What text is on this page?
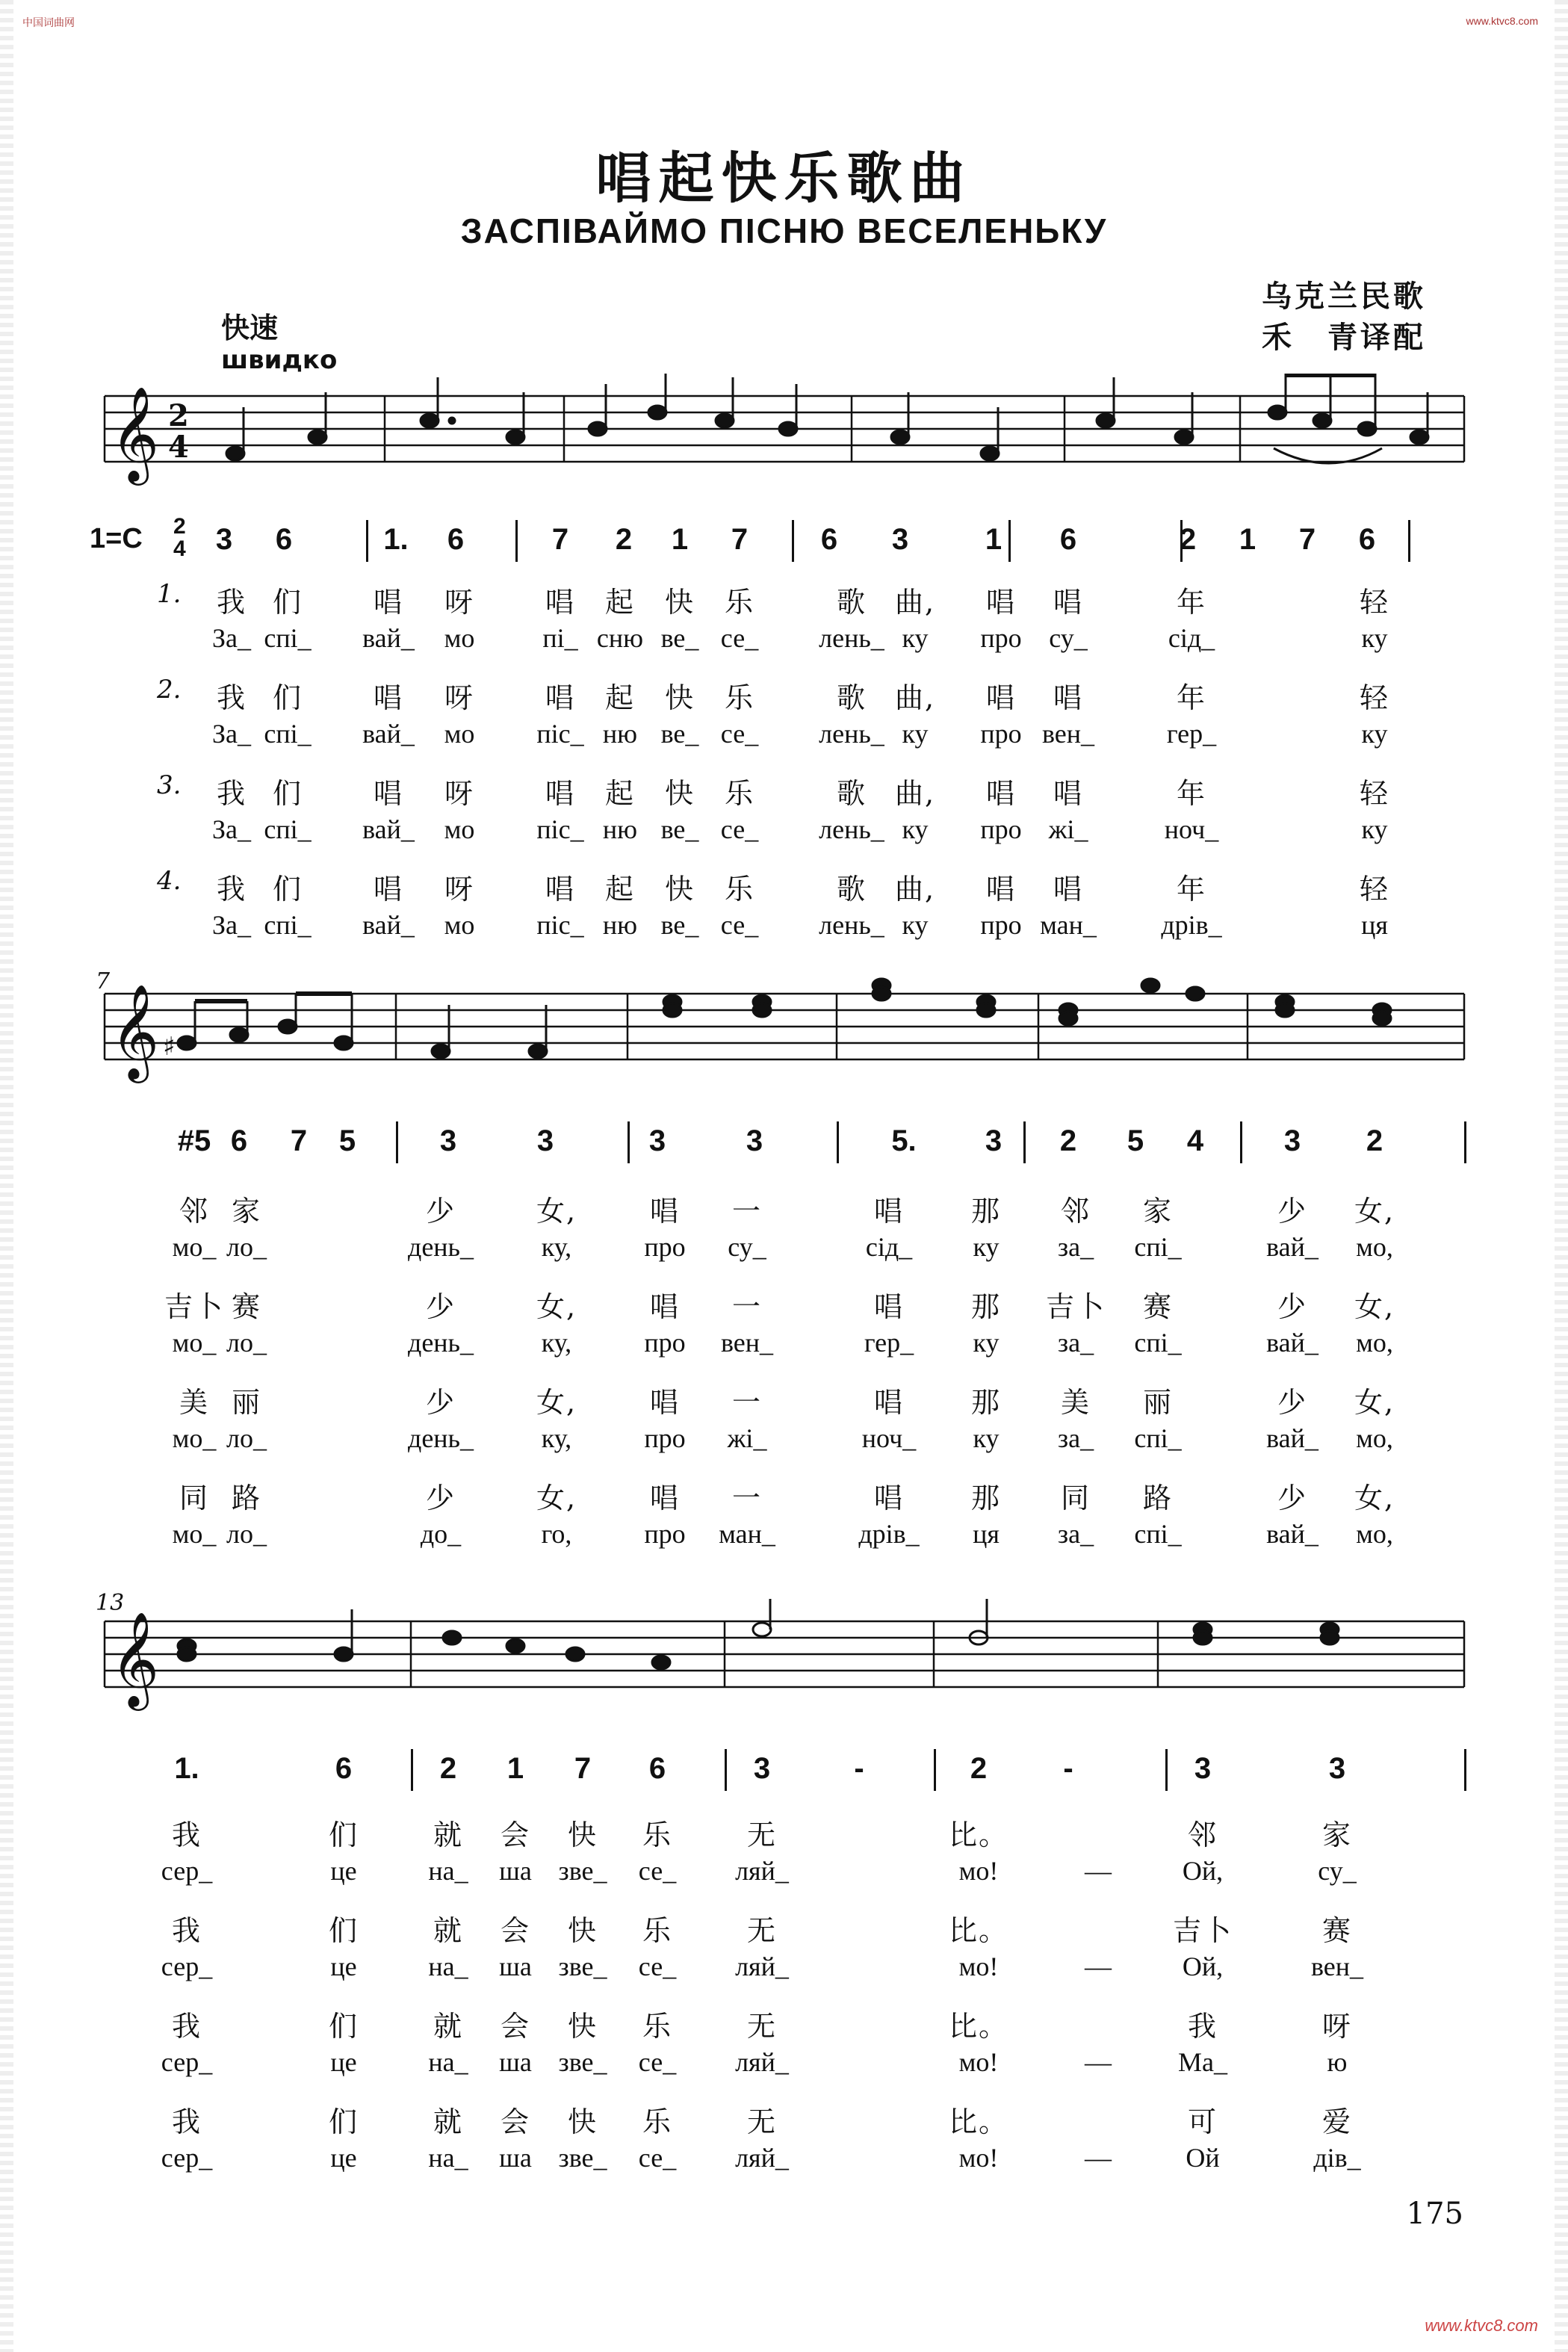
中国词曲网	www.ktvc8.com
唱起快乐歌曲
ЗАСПІВАЙМО ПІСНЮ ВЕСЕЛЕНЬКУ
乌克兰民歌
禾　青译配
快速
швидко
𝄞 2
4
7
𝄞 ♯
13
𝄞
1=C 2
4	3	6	1.	6	7	2	1	7	6	3	1	6	2	1	7	6
1.	我 们	唱	呀	唱	起	快	乐	歌 曲,	唱	唱	年	轻
За_ спі_	вай_	мо	пі_ сню ве_ се_	лень_ ку	про	су_	сід_	ку
2.	我 们	唱	呀	唱	起	快	乐	歌 曲,	唱	唱	年	轻
За_ спі_	вай_	мо	піс_ ню ве_ се_	лень_ ку	про вен_	гер_	ку
3.	我 们	唱	呀	唱	起	快	乐	歌 曲,	唱	唱	年	轻
За_ спі_	вай_	мо	піс_ ню ве_ се_	лень_ ку	про жі_	ноч_	ку
4.	我 们	唱	呀	唱	起	快	乐	歌 曲,	唱	唱	年	轻
За_ спі_	вай_	мо	піс_ ню ве_ се_	лень_ ку	про ман_	дрів_	ця
#5 6	7	5	3	3	3	3	5.	3	2	5	4	3	2
邻 家	少	女,	唱	一	唱	那	邻	家	少	女,
мо_ ло_	день_	ку,	про	су_	сід_	ку	за_	спі_	вай_	мо,
吉卜 赛	少	女,	唱	一	唱	那	吉卜	赛	少	女,
мо_ ло_	день_	ку,	про	вен_	гер_	ку	за_	спі_	вай_	мо,
美 丽	少	女,	唱	一	唱	那	美	丽	少	女,
мо_ ло_	день_	ку,	про	жі_	ноч_	ку	за_	спі_	вай_	мо,
同 路	少	女,	唱	一	唱	那	同	路	少	女,
мо_ ло_	до_	го,	про	ман_	дрів_	ця	за_	спі_	вай_	мо,
1.	6	2	1	7	6	3	-	2	-	3	3
我	们	就	会	快	乐	无	比。	邻	家
сер_	це	на_	ша зве_	се_	ляй_	мо!	—	Ой,	су_
我	们	就	会	快	乐	无	比。	吉卜	赛
сер_	це	на_	ша зве_	се_	ляй_	мо!	—	Ой,	вен_
我	们	就	会	快	乐	无	比。	我	呀
сер_	це	на_	ша зве_	се_	ляй_	мо!	—	Ма_	ю
我	们	就	会	快	乐	无	比。	可	爱
сер_	це	на_	ша зве_	се_	ляй_	мо!	—	Ой	дів_
175
www.ktvc8.com
